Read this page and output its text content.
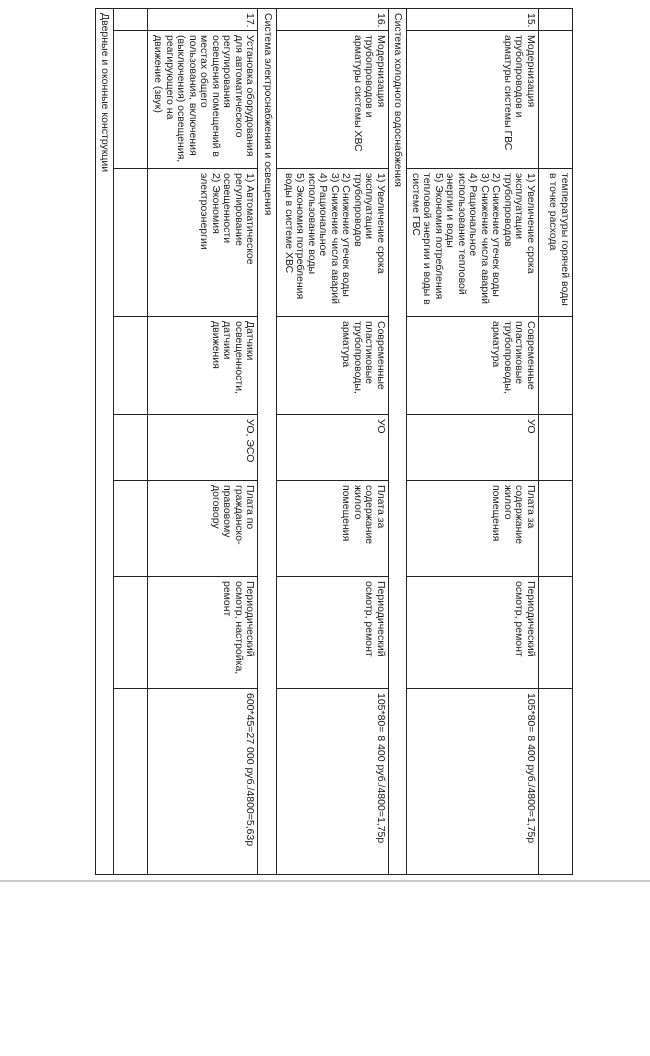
		температуры горячей воды в точке расхода					
15.	Модернизация трубопроводов и арматуры системы ГВС	1) Увеличение срока эксплуатации трубопроводов
2) Снижение утечек воды
3) Снижение числа аварий
4) Рациональное использование тепловой энергии и воды
5) Экономия потребления тепловой энергии и воды в системе ГВС	Современные пластиковые трубопроводы, арматура	УО	Плата за содержание жилого помещения	Периодический осмотр, ремонт	105*80= 8 400 руб./4800=1,75р
Система холодного водоснабжения							
16.	Модернизация трубопроводов и арматуры системы ХВС	1) Увеличение срока эксплуатации трубопроводов
2) Снижение утечек воды
3) Снижение числа аварий
4) Рациональное использование воды
5) Экономия потребления воды в системе ХВС	Современные пластиковые трубопроводы, арматура	УО	Плата за содержание жилого помещения	Периодический осмотр, ремонт	105*80= 8 400 руб./4800=1,75р
Система электроснабжения и освещения							
17.	Установка оборудования для автоматического регулирования освещения помещений в местах общего пользования, включения (выключения) освещения, реагирующего на движение (звук)	1) Автоматическое регулирование освещенности
2) Экономия электроэнергии	Датчики освещенности, датчики движения	УО, ЭСО	Плата по гражданско-правовому договору	Периодический осмотр, настройка, ремонт	600*45=27 000 руб./4800=5,63р

Дверные и оконные конструкции							
